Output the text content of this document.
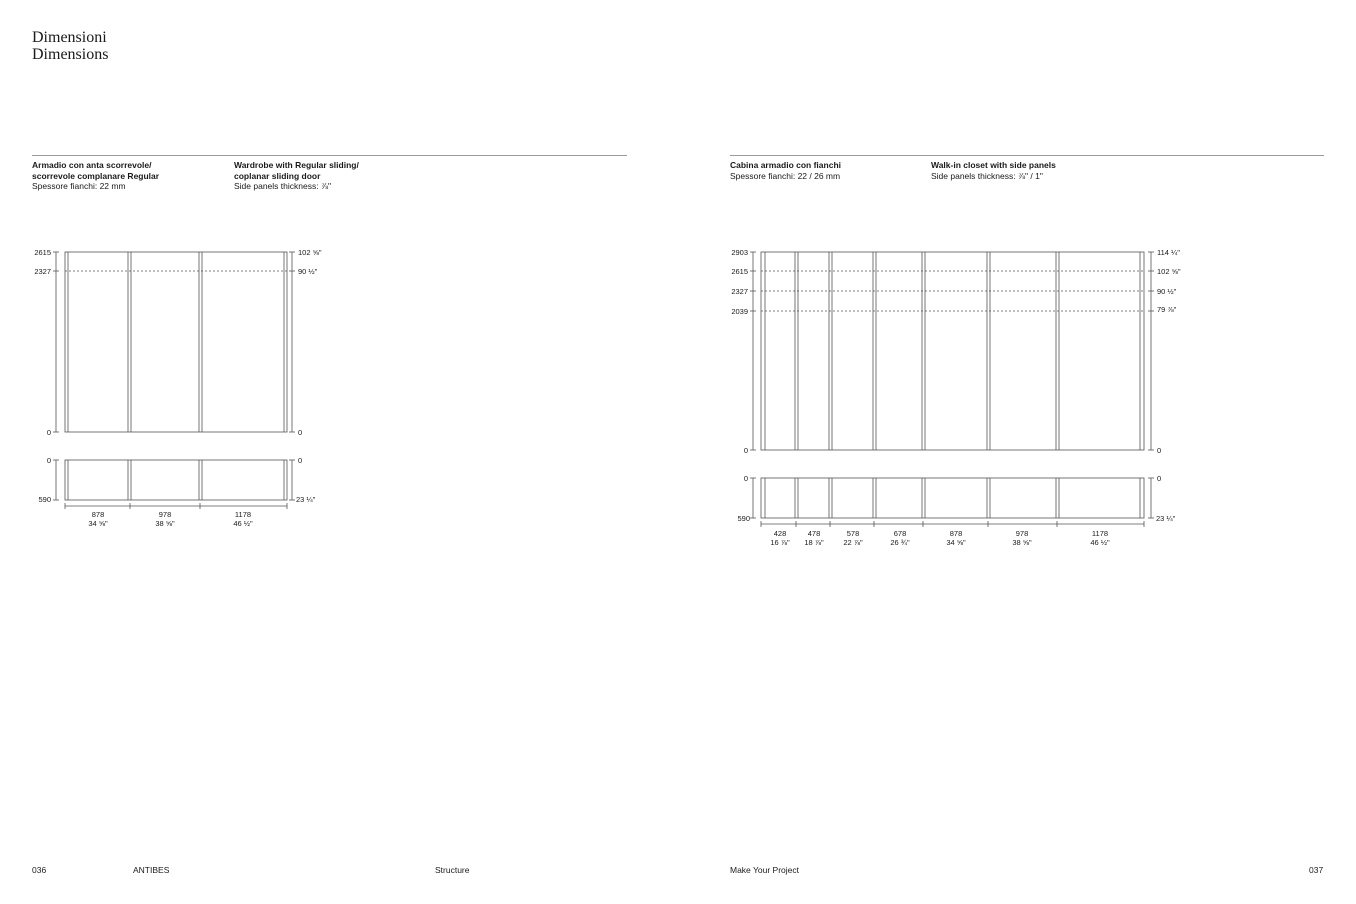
Dimensioni
Dimensions
Armadio con anta scorrevole/
scorrevole complanare Regular
Spessore fianchi: 22 mm
Wardrobe with Regular sliding/
coplanar sliding door
Side panels thickness: ⅞"
Cabina armadio con fianchi
Spessore fianchi: 22 / 26 mm
Walk-in closet with side panels
Side panels thickness: ⅞" / 1"
2615
2327
0
102 ⅝"
90 ½"
0
0
590
0
23 ¼"
878
34 ⅝"
978
38 ⅝"
1178
46 ½"
2903
2615
2327
2039
0
114 ¼"
102 ⅝"
90 ½"
79 ⅞"
0
0
590
0
23 ¼"
428
16 ⅞"
478
18 ⅞"
578
22 ⅞"
678
26 ¾"
878
34 ⅝"
978
38 ⅝"
1178
46 ½"
036	ANTIBES	Structure	Make Your Project	037
